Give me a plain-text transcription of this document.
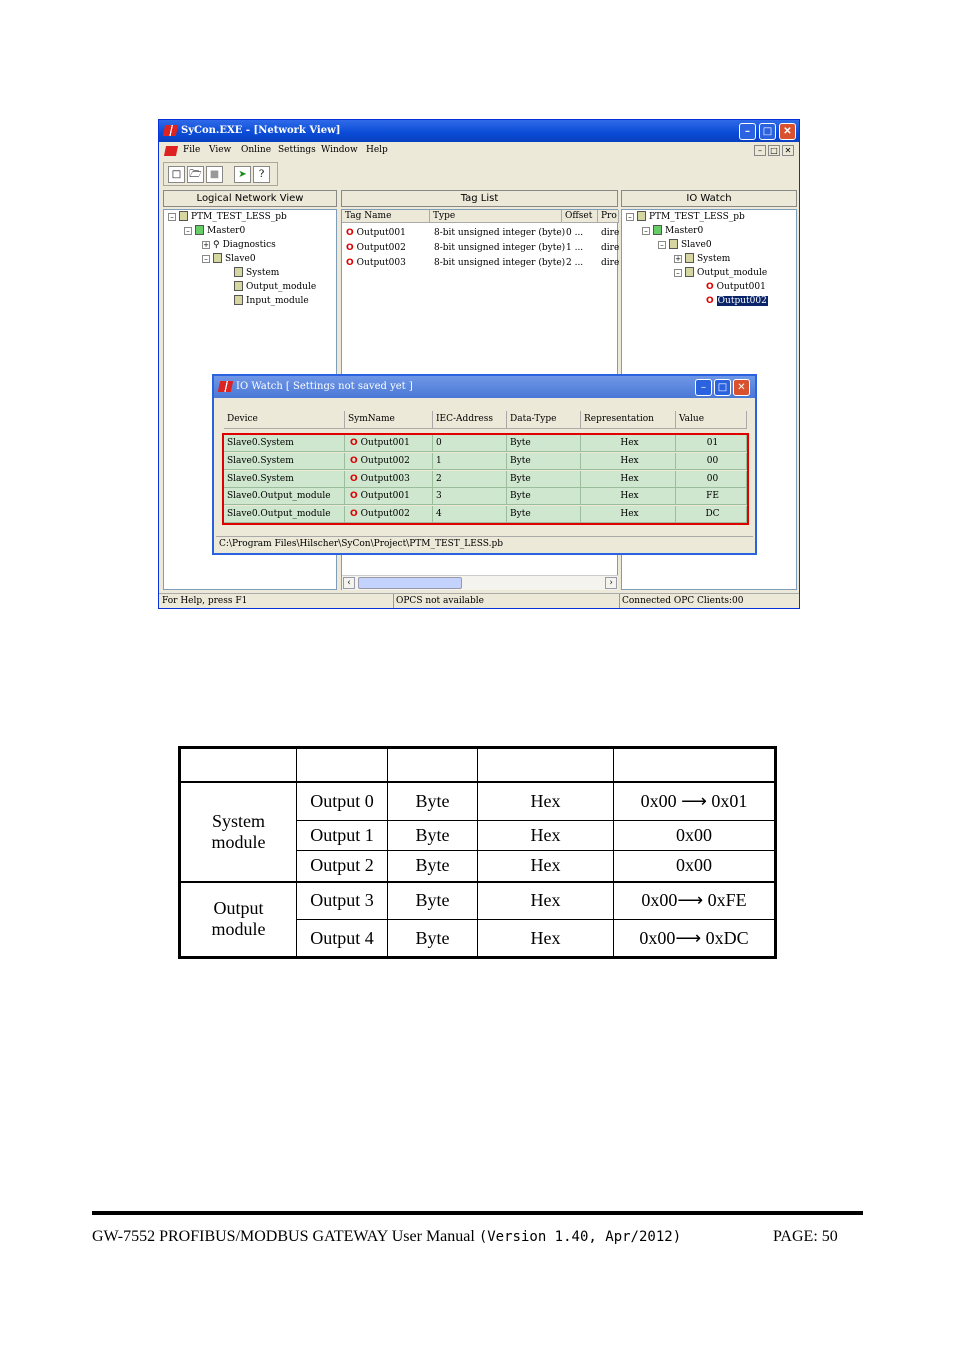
SyCon.EXE - [Network View]	–	□	✕
File View Online Settings Window Help	–	□ ✕
□ 🗁 ■	➤	?
Logical Network View	Tag List	IO Watch
– PTM_TEST_LESS_pb
– Master0
+ ⚲ Diagnostics
– Slave0
System
Output_module
Input_module
Tag Name	Type	Offset Pro
O Output001	8-bit unsigned integer (byte) 0 ... dire
O Output002	8-bit unsigned integer (byte) 1 ... dire
O Output003	8-bit unsigned integer (byte) 2 ... dire
– PTM_TEST_LESS_pb
– Master0
– Slave0
+ System
– Output_module
O Output001
O Output002
‹	›
For Help, press F1	OPCS not available	Connected OPC Clients:00
IO Watch [ Settings not saved yet ]	–	□	✕
Device	SymName	IEC-Address	Data-Type	Representation	Value
Slave0.System	O Output001	0	Byte	Hex	01
Slave0.System	O Output002	1	Byte	Hex	00
Slave0.System	O Output003	2	Byte	Hex	00
Slave0.Output_module	O Output001	3	Byte	Hex	FE
Slave0.Output_module	O Output002	4	Byte	Hex	DC
C:\Program Files\Hilscher\SyCon\Project\PTM_TEST_LESS.pb

System module	Output 0	Byte	Hex	0x00 ⟶ 0x01
	Output 1	Byte	Hex	0x00
	Output 2	Byte	Hex	0x00
Output module	Output 3	Byte	Hex	0x00⟶ 0xFE
	Output 4	Byte	Hex	0x00⟶ 0xDC
GW-7552 PROFIBUS/MODBUS GATEWAY User Manual (Version 1.40, Apr/2012)	PAGE: 50
